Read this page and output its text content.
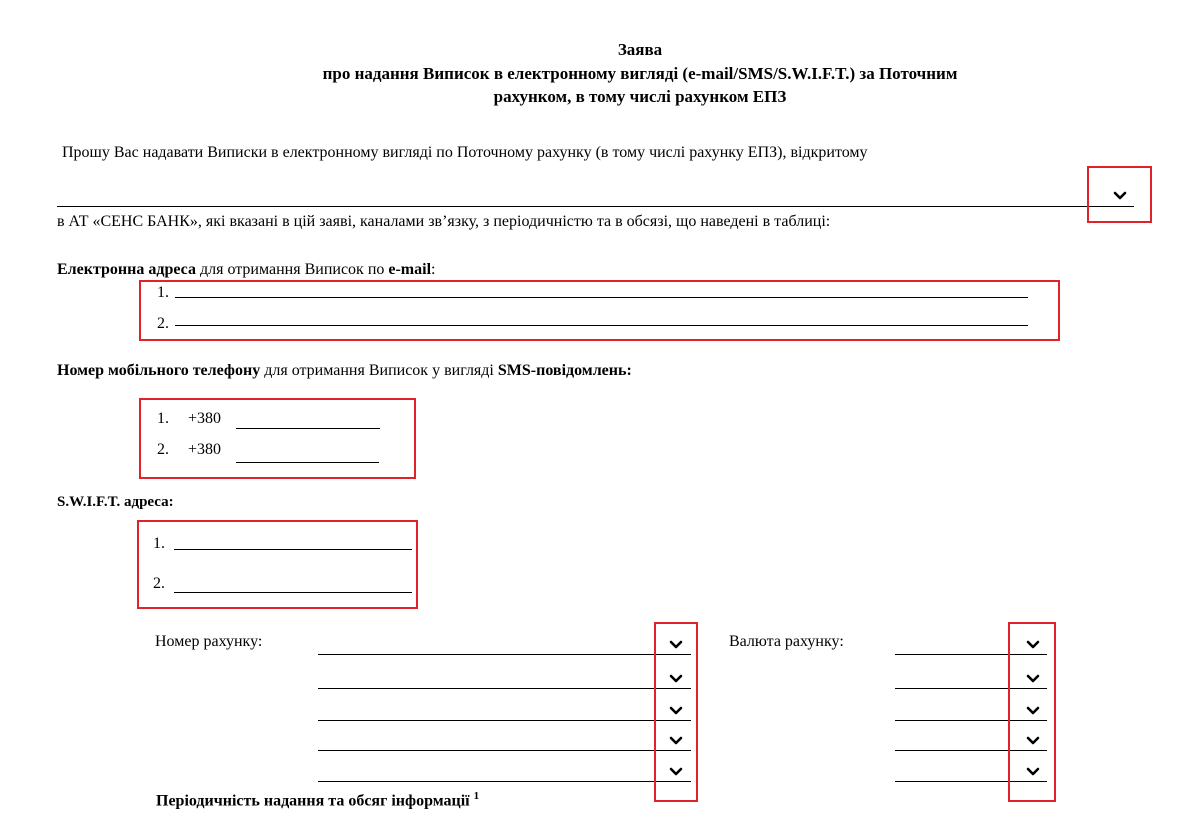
Заява
про надання Виписок в електронному вигляді (e-mail/SMS/S.W.I.F.T.) за Поточним
рахунком, в тому числі рахунком ЕПЗ
Прошу Вас надавати Виписки в електронному вигляді по Поточному рахунку (в тому числі рахунку ЕПЗ), відкритому
в АТ «СЕНС БАНК», які вказані в цій заяві, каналами зв’язку, з періодичністю та в обсязі, що наведені в таблиці:
Електронна адреса для отримання Виписок по e-mail:
1.
2.
Номер мобільного телефону для отримання Виписок у вигляді SMS-повідомлень:
1. +380
2. +380
S.W.I.F.T. адреса:
1.
2.
Номер рахунку:	Валюта рахунку:
Періодичність надання та обсяг інформації $^1$
